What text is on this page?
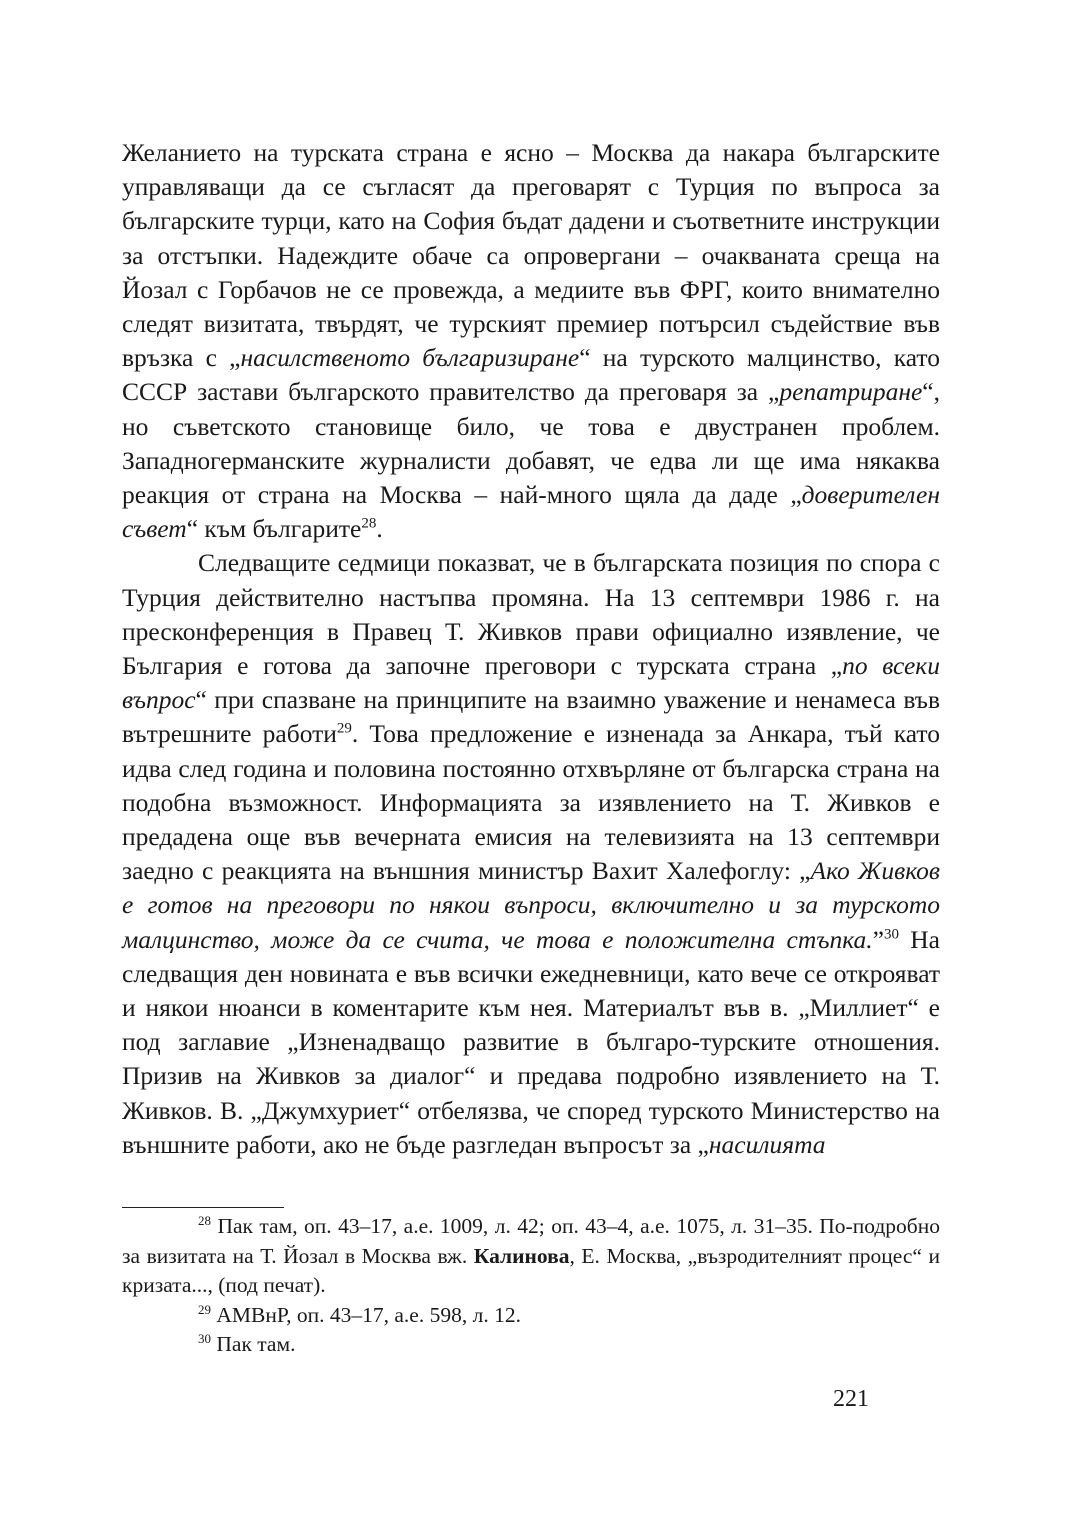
Желанието на турската страна е ясно – Москва да накара българските управляващи да се съгласят да преговарят с Турция по въпроса за българските турци, като на София бъдат дадени и съответните инструкции за отстъпки. Надеждите обаче са опровергани – очакваната среща на Йозал с Горбачов не се провежда, а медиите във ФРГ, които внимателно следят визитата, твърдят, че турският премиер потърсил съдействие във връзка с „насилственото българизиране“ на турското малцинство, като СССР застави българското правителство да преговаря за „репатриране“, но съветското становище било, че това е двустранен проблем. Западногерманските журналисти добавят, че едва ли ще има някаква реакция от страна на Москва – най-много щяла да даде „доверителен съвет“ към българите$^{28}$.

Следващите седмици показват, че в българската позиция по спора с Турция действително настъпва промяна. На 13 септември 1986 г. на пресконференция в Правец Т. Живков прави официално изявление, че България е готова да започне преговори с турската страна „по всеки въпрос“ при спазване на принципите на взаимно уважение и ненамеса във вътрешните работи$^{29}$. Това предложение е изненада за Анкара, тъй като идва след година и половина постоянно отхвърляне от българска страна на подобна възможност. Информацията за изявлението на Т. Живков е предадена още във вечерната емисия на телевизията на 13 септември заедно с реакцията на външния министър Вахит Халефоглу: „Ако Живков е готов на преговори по някои въпроси, включително и за турското малцинство, може да се счита, че това е положителна стъпка.”$^{30}$ На следващия ден новината е във всички ежедневници, като вече се открояват и някои нюанси в коментарите към нея. Материалът във в. „Миллиет“ е под заглавие „Изненадващо развитие в българо-турските отношения. Призив на Живков за диалог“ и предава подробно изявлението на Т. Живков. В. „Джумхуриет“ отбелязва, че според турското Министерство на външните работи, ако не бъде разгледан въпросът за „насилията

$^{28}$ Пак там, оп. 43–17, а.е. 1009, л. 42; оп. 43–4, а.е. 1075, л. 31–35. По-подробно за визитата на Т. Йозал в Москва вж. Калинова, Е. Москва, „възродителният процес“ и кризата..., (под печат).

$^{29}$ АМВнР, оп. 43–17, а.е. 598, л. 12.

$^{30}$ Пак там.

221
